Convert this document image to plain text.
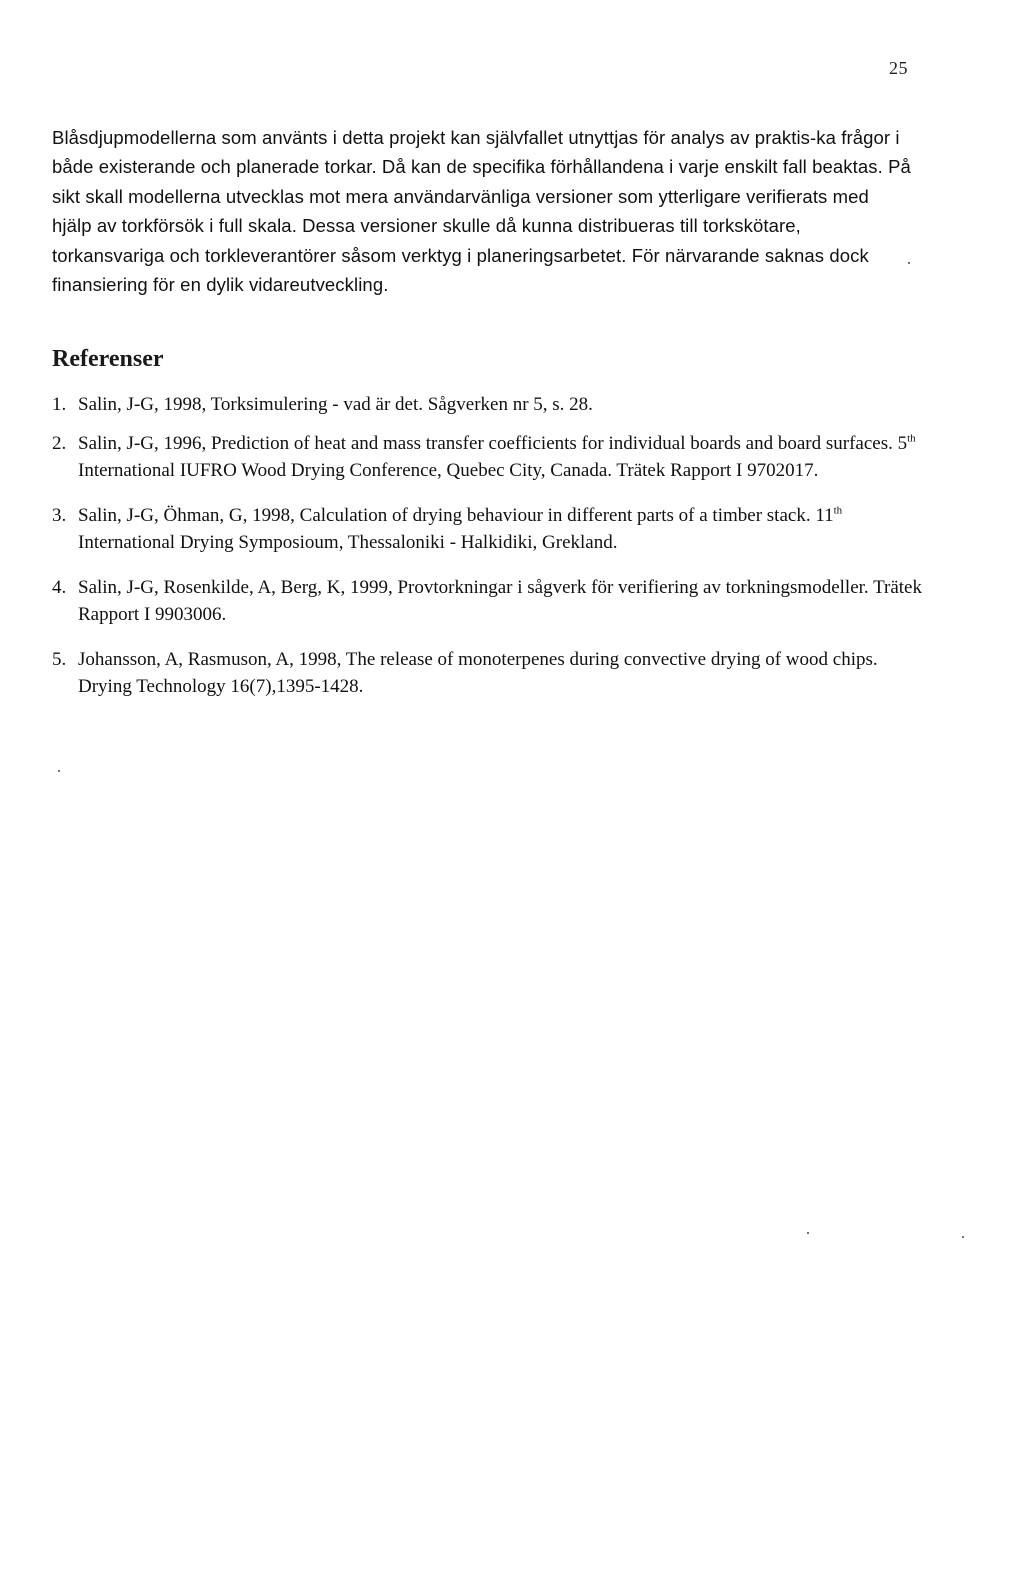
25

Blåsdjupmodellerna som använts i detta projekt kan självfallet utnyttjas för analys av praktis-ka frågor i både existerande och planerade torkar. Då kan de specifika förhållandena i varje enskilt fall beaktas. På sikt skall modellerna utvecklas mot mera användarvänliga versioner som ytterligare verifierats med hjälp av torkförsök i full skala. Dessa versioner skulle då kunna distribueras till torkskötare, torkansvariga och torkleverantörer såsom verktyg i planeringsarbetet. För närvarande saknas dock finansiering för en dylik vidareutveckling.

Referenser
1. Salin, J-G, 1998, Torksimulering - vad är det. Sågverken nr 5, s. 28.
2. Salin, J-G, 1996, Prediction of heat and mass transfer coefficients for individual boards and board surfaces. 5th International IUFRO Wood Drying Conference, Quebec City, Canada. Trätek Rapport I 9702017.
3. Salin, J-G, Öhman, G, 1998, Calculation of drying behaviour in different parts of a timber stack. 11th International Drying Symposioum, Thessaloniki - Halkidiki, Grekland.
4. Salin, J-G, Rosenkilde, A, Berg, K, 1999, Provtorkningar i sågverk för verifiering av torkningsmodeller. Trätek Rapport I 9903006.
5. Johansson, A, Rasmuson, A, 1998, The release of monoterpenes during convective drying of wood chips. Drying Technology 16(7),1395-1428.
